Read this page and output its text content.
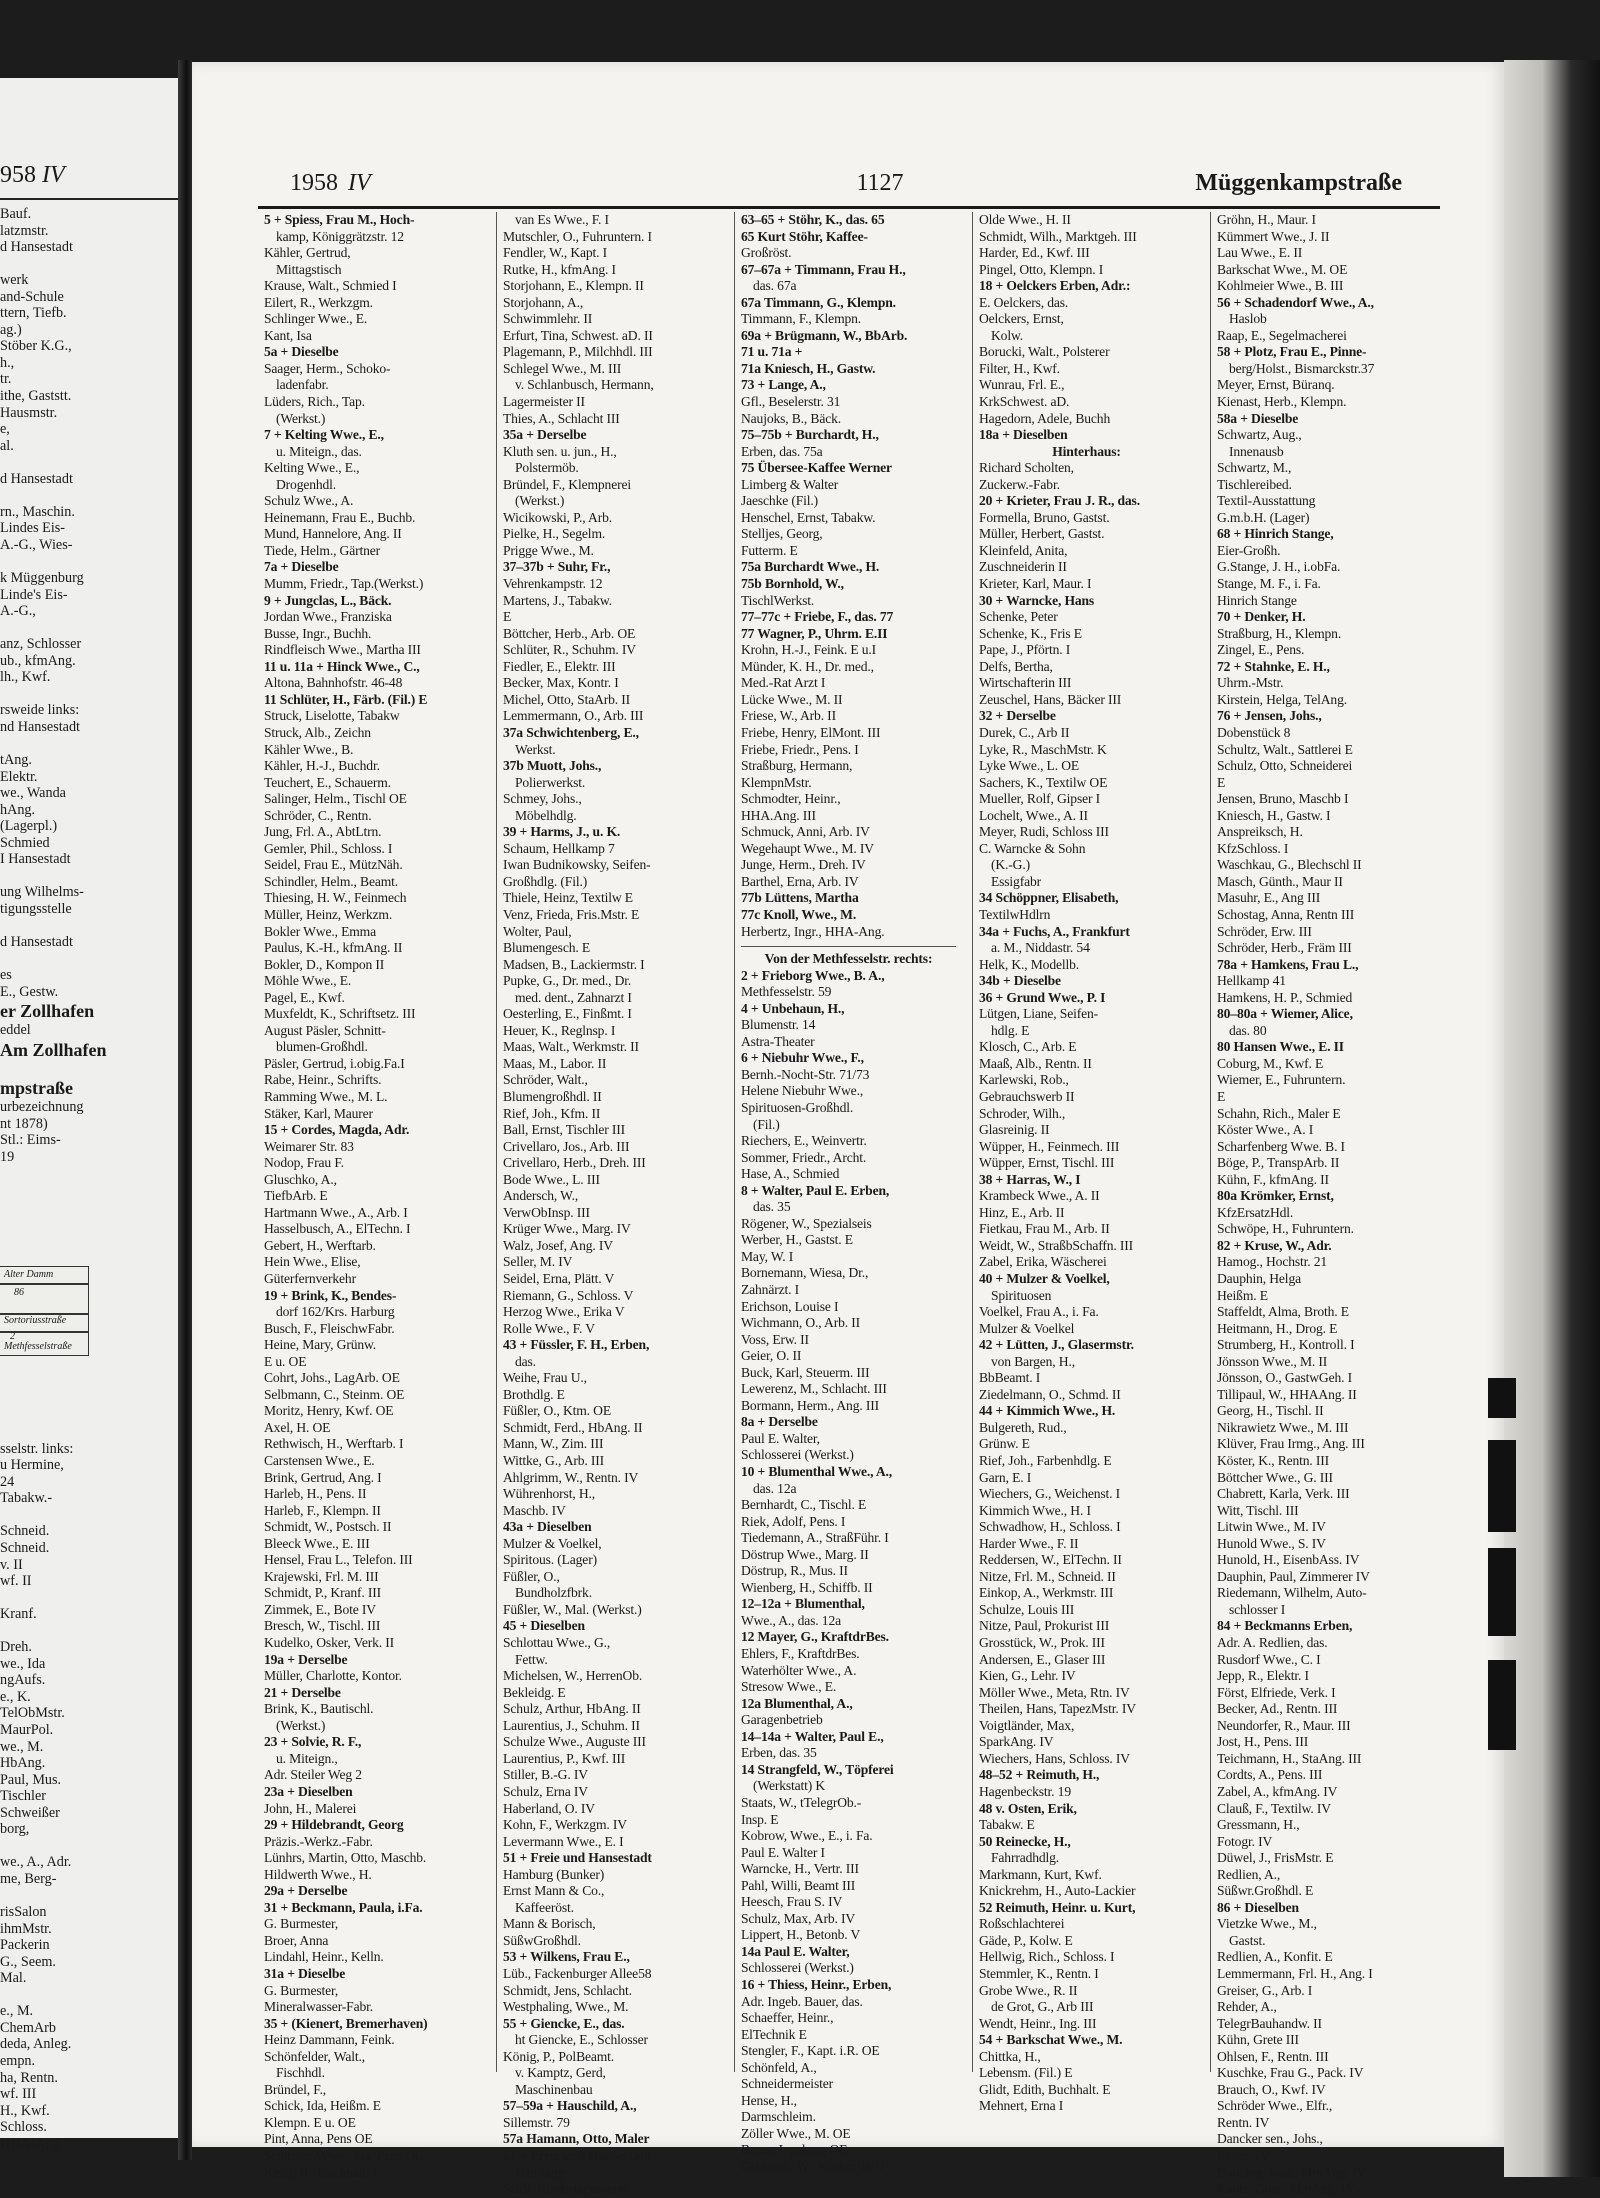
958 IV
Bauf.
latzmstr.
d Hansestadt

werk
and-Schule
ttern, Tiefb.
ag.)
Stöber K.G.,
h.,
tr.
ithe, Gaststt.
Hausmstr.
e,
al.

d Hansestadt

rn., Maschin.
Lindes Eis-
A.-G., Wies-

k Müggenburg
Linde's Eis-
A.-G.,

anz, Schlosser
ub., kfmAng.
lh., Kwf.

rsweide links:
nd Hansestadt

tAng.
Elektr.
we., Wanda
hAng.
(Lagerpl.)
Schmied
I Hansestadt

ung Wilhelms-
tigungsstelle

d Hansestadt

es
E., Gestw.
er Zollhafen
eddel
Am Zollhafen

mpstraße
urbezeichnung
nt 1878)
Stl.: Eims-
19
Alter Damm
86
Sortoriusstraße
2
Methfesselstraße

sselstr. links:
u Hermine,
24
Tabakw.-

Schneid.
Schneid.
v. II
wf. II

Kranf.

Dreh.
we., Ida
ngAufs.
e., K.
TelObMstr.
MaurPol.
we., M.
HbAng.
Paul, Mus.
Tischler
Schweißer
borg,

we., A., Adr.
me, Berg-

risSalon
ihmMstr.
Packerin
G., Seem.
Mal.

e., M.
ChemArb
deda, Anleg.
empn.
ha, Rentn.
wf. III
H., Kwf.
Schloss.
HHA-Ang.
1958 IV	1127	Müggenkampstraße
5 + Spiess, Frau M., Hoch-
kamp, Königgrätzstr. 12
Kähler, Gertrud,
Mittagstisch
Krause, Walt., Schmied I
Eilert, R., Werkzgm.
Schlinger Wwe., E.
Kant, Isa
5a + Dieselbe
Saager, Herm., Schoko-
ladenfabr.
Lüders, Rich., Tap.
(Werkst.)
7 + Kelting Wwe., E.,
u. Miteign., das.
Kelting Wwe., E.,
Drogenhdl.
Schulz Wwe., A.
Heinemann, Frau E., Buchb.
Mund, Hannelore, Ang. II
Tiede, Helm., Gärtner
7a + Dieselbe
Mumm, Friedr., Tap.(Werkst.)
9 + Jungclas, L., Bäck.
Jordan Wwe., Franziska
Busse, Ingr., Buchh.
Rindfleisch Wwe., Martha III
11 u. 11a + Hinck Wwe., C.,
Altona, Bahnhofstr. 46-48
11 Schlüter, H., Färb. (Fil.) E
Struck, Liselotte, Tabakw
Struck, Alb., Zeichn
Kähler Wwe., B.
Kähler, H.-J., Buchdr.
Teuchert, E., Schauerm.
Salinger, Helm., Tischl OE
Schröder, C., Rentn.
Jung, Frl. A., AbtLtrn.
Gemler, Phil., Schloss. I
Seidel, Frau E., MützNäh.
Schindler, Helm., Beamt.
Thiesing, H. W., Feinmech
Müller, Heinz, Werkzm.
Bokler Wwe., Emma
Paulus, K.-H., kfmAng. II
Bokler, D., Kompon II
Möhle Wwe., E.
Pagel, E., Kwf.
Muxfeldt, K., Schriftsetz. III
August Päsler, Schnitt-
blumen-Großhdl.
Päsler, Gertrud, i.obig.Fa.I
Rabe, Heinr., Schrifts.
Ramming Wwe., M. L.
Stäker, Karl, Maurer
15 + Cordes, Magda, Adr.
Weimarer Str. 83
Nodop, Frau F.
Gluschko, A.,
TiefbArb. E
Hartmann Wwe., A., Arb. I
Hasselbusch, A., ElTechn. I
Gebert, H., Werftarb.
Hein Wwe., Elise,
Güterfernverkehr
19 + Brink, K., Bendes-
dorf 162/Krs. Harburg
Busch, F., FleischwFabr.
Heine, Mary, Grünw.
E u. OE
Cohrt, Johs., LagArb. OE
Selbmann, C., Steinm. OE
Moritz, Henry, Kwf. OE
Axel, H. OE
Rethwisch, H., Werftarb. I
Carstensen Wwe., E.
Brink, Gertrud, Ang. I
Harleb, H., Pens. II
Harleb, F., Klempn. II
Schmidt, W., Postsch. II
Bleeck Wwe., E. III
Hensel, Frau L., Telefon. III
Krajewski, Frl. M. III
Schmidt, P., Kranf. III
Zimmek, E., Bote IV
Bresch, W., Tischl. III
Kudelko, Osker, Verk. II
19a + Derselbe
Müller, Charlotte, Kontor.
21 + Derselbe
Brink, K., Bautischl.
(Werkst.)
23 + Solvie, R. F.,
u. Miteign.,
Adr. Steiler Weg 2
23a + Dieselben
John, H., Malerei
29 + Hildebrandt, Georg
Präzis.-Werkz.-Fabr.
Lünhrs, Martin, Otto, Maschb.
Hildwerth Wwe., H.
29a + Derselbe
31 + Beckmann, Paula, i.Fa.
G. Burmester,
Broer, Anna
Lindahl, Heinr., Kelln.
31a + Dieselbe
G. Burmester,
Mineralwasser-Fabr.
35 + (Kienert, Bremerhaven)
Heinz Dammann, Feink.
Schönfelder, Walt.,
Fischhdl.
Bründel, F.,
Schick, Ida, Heißm. E
Klempn. E u. OE
Pint, Anna, Pens OE
Schirmer Wwe., Ida, Pens OE
Kena, H., Buchhalt. I
van Es Wwe., F. I
Mutschler, O., Fuhruntern. I
Fendler, W., Kapt. I
Rutke, H., kfmAng. I
Storjohann, E., Klempn. II
Storjohann, A.,
Schwimmlehr. II
Erfurt, Tina, Schwest. aD. II
Plagemann, P., Milchhdl. III
Schlegel Wwe., M. III
v. Schlanbusch, Hermann,
Lagermeister II
Thies, A., Schlacht III
35a + Derselbe
Kluth sen. u. jun., H.,
Polstermöb.
Bründel, F., Klempnerei
(Werkst.)
Wicikowski, P., Arb.
Pielke, H., Segelm.
Prigge Wwe., M.
37–37b + Suhr, Fr.,
Vehrenkampstr. 12
Martens, J., Tabakw.
E
Böttcher, Herb., Arb. OE
Schlüter, R., Schuhm. IV
Fiedler, E., Elektr. III
Becker, Max, Kontr. I
Michel, Otto, StaArb. II
Lemmermann, O., Arb. III
37a Schwichtenberg, E.,
Werkst.
37b Muott, Johs.,
Polierwerkst.
Schmey, Johs.,
Möbelhdlg.
39 + Harms, J., u. K.
Schaum, Hellkamp 7
Iwan Budnikowsky, Seifen-
Großhdlg. (Fil.)
Thiele, Heinz, Textilw E
Venz, Frieda, Fris.Mstr. E
Wolter, Paul,
Blumengesch. E
Madsen, B., Lackiermstr. I
Pupke, G., Dr. med., Dr.
med. dent., Zahnarzt I
Oesterling, E., Finßmt. I
Heuer, K., Reglnsp. I
Maas, Walt., Werkmstr. II
Maas, M., Labor. II
Schröder, Walt.,
Blumengroßhdl. II
Rief, Joh., Kfm. II
Ball, Ernst, Tischler III
Crivellaro, Jos., Arb. III
Crivellaro, Herb., Dreh. III
Bode Wwe., L. III
Andersch, W.,
VerwObInsp. III
Krüger Wwe., Marg. IV
Walz, Josef, Ang. IV
Seller, M. IV
Seidel, Erna, Plätt. V
Riemann, G., Schloss. V
Herzog Wwe., Erika V
Rolle Wwe., F. V
43 + Füssler, F. H., Erben,
das.
Weihe, Frau U.,
Brothdlg. E
Füßler, O., Ktm. OE
Schmidt, Ferd., HbAng. II
Mann, W., Zim. III
Wittke, G., Arb. III
Ahlgrimm, W., Rentn. IV
Wührenhorst, H.,
Maschb. IV
43a + Dieselben
Mulzer & Voelkel,
Spiritous. (Lager)
Füßler, O.,
Bundholzfbrk.
Füßler, W., Mal. (Werkst.)
45 + Dieselben
Schlottau Wwe., G.,
Fettw.
Michelsen, W., HerrenOb.
Bekleidg. E
Schulz, Arthur, HbAng. II
Laurentius, J., Schuhm. II
Schulze Wwe., Auguste III
Laurentius, P., Kwf. III
Stiller, B.-G. IV
Schulz, Erna IV
Haberland, O. IV
Kohn, F., Werkzgm. IV
Levermann Wwe., E. I
51 + Freie und Hansestadt
Hamburg (Bunker)
Ernst Mann & Co.,
Kaffeeröst.
Mann & Borisch,
SüßwGroßhdl.
53 + Wilkens, Frau E.,
Lüb., Fackenburger Allee58
Schmidt, Jens, Schlacht.
Westphaling, Wwe., M.
55 + Giencke, E., das.
ht Giencke, E., Schlosser
König, P., PolBeamt.
v. Kamptz, Gerd,
Maschinenbau
57–59a + Hauschild, A.,
Sillemstr. 79
57a Hamann, Otto, Maler
61 + Freie und Hansestadt
Hamburg
Städt. Kindertagesheim
63–65 + Stöhr, K., das. 65
65 Kurt Stöhr, Kaffee-
Großröst.
67–67a + Timmann, Frau H.,
das. 67a
67a Timmann, G., Klempn.
Timmann, F., Klempn.
69a + Brügmann, W., BbArb.
71 u. 71a +
71a Kniesch, H., Gastw.
73 + Lange, A.,
Gfl., Beselerstr. 31
Naujoks, B., Bäck.
75–75b + Burchardt, H.,
Erben, das. 75a
75 Übersee-Kaffee Werner
Limberg & Walter
Jaeschke (Fil.)
Henschel, Ernst, Tabakw.
Stelljes, Georg,
Futterm. E
75a Burchardt Wwe., H.
75b Bornhold, W.,
TischlWerkst.
77–77c + Friebe, F., das. 77
77 Wagner, P., Uhrm. E.II
Krohn, H.-J., Feink. E u.I
Münder, K. H., Dr. med.,
Med.-Rat Arzt I
Lücke Wwe., M. II
Friese, W., Arb. II
Friebe, Henry, ElMont. III
Friebe, Friedr., Pens. I
Straßburg, Hermann,
KlempnMstr.
Schmodter, Heinr.,
HHA.Ang. III
Schmuck, Anni, Arb. IV
Wegehaupt Wwe., M. IV
Junge, Herm., Dreh. IV
Barthel, Erna, Arb. IV
77b Lüttens, Martha
77c Knoll, Wwe., M.
Herbertz, Ingr., HHA-Ang.
Von der Methfesselstr. rechts:
2 + Frieborg Wwe., B. A.,
Methfesselstr. 59
4 + Unbehaun, H.,
Blumenstr. 14
Astra-Theater
6 + Niebuhr Wwe., F.,
Bernh.-Nocht-Str. 71/73
Helene Niebuhr Wwe.,
Spirituosen-Großhdl.
(Fil.)
Riechers, E., Weinvertr.
Sommer, Friedr., Archt.
Hase, A., Schmied
8 + Walter, Paul E. Erben,
das. 35
Rögener, W., Spezialseis
Werber, H., Gastst. E
May, W. I
Bornemann, Wiesa, Dr.,
Zahnärzt. I
Erichson, Louise I
Wichmann, O., Arb. II
Voss, Erw. II
Geier, O. II
Buck, Karl, Steuerm. III
Lewerenz, M., Schlacht. III
Bormann, Herm., Ang. III
8a + Derselbe
Paul E. Walter,
Schlosserei (Werkst.)
10 + Blumenthal Wwe., A.,
das. 12a
Bernhardt, C., Tischl. E
Riek, Adolf, Pens. I
Tiedemann, A., StraßFühr. I
Döstrup Wwe., Marg. II
Döstrup, R., Mus. II
Wienberg, H., Schiffb. II
12–12a + Blumenthal,
Wwe., A., das. 12a
12 Mayer, G., KraftdrBes.
Ehlers, F., KraftdrBes.
Waterhölter Wwe., A.
Stresow Wwe., E.
12a Blumenthal, A.,
Garagenbetrieb
14–14a + Walter, Paul E.,
Erben, das. 35
14 Strangfeld, W., Töpferei
(Werkstatt) K
Staats, W., tTelegrOb.-
Insp. E
Kobrow, Wwe., E., i. Fa.
Paul E. Walter I
Warncke, H., Vertr. III
Pahl, Willi, Beamt III
Heesch, Frau S. IV
Schulz, Max, Arb. IV
Lippert, H., Betonb. V
14a Paul E. Walter,
Schlosserei (Werkst.)
16 + Thiess, Heinr., Erben,
Adr. Ingeb. Bauer, das.
Schaeffer, Heinr.,
ElTechnik E
Stengler, F., Kapt. i.R. OE
Schönfeld, A.,
Schneidermeister
Hense, H.,
Darmschleim.
Zöller Wwe., M. OE
Bauer, Ingeborg OE
Gebhardt, W., Werkmstr. II
Olde Wwe., H. II
Schmidt, Wilh., Marktgeh. III
Harder, Ed., Kwf. III
Pingel, Otto, Klempn. I
18 + Oelckers Erben, Adr.:
E. Oelckers, das.
Oelckers, Ernst,
Kolw.
Borucki, Walt., Polsterer
Filter, H., Kwf.
Wunrau, Frl. E.,
KrkSchwest. aD.
Hagedorn, Adele, Buchh
18a + Dieselben
Hinterhaus:
Richard Scholten,
Zuckerw.-Fabr.
20 + Krieter, Frau J. R., das.
Formella, Bruno, Gastst.
Müller, Herbert, Gastst.
Kleinfeld, Anita,
Zuschneiderin II
Krieter, Karl, Maur. I
30 + Warncke, Hans
Schenke, Peter
Schenke, K., Fris E
Pape, J., Pförtn. I
Delfs, Bertha,
Wirtschafterin III
Zeuschel, Hans, Bäcker III
32 + Derselbe
Durek, C., Arb II
Lyke, R., MaschMstr. K
Lyke Wwe., L. OE
Sachers, K., Textilw OE
Mueller, Rolf, Gipser I
Lochelt, Wwe., A. II
Meyer, Rudi, Schloss III
C. Warncke & Sohn
(K.-G.)
Essigfabr
34 Schöppner, Elisabeth,
TextilwHdlrn
34a + Fuchs, A., Frankfurt
a. M., Niddastr. 54
Helk, K., Modellb.
34b + Dieselbe
36 + Grund Wwe., P. I
Lütgen, Liane, Seifen-
hdlg. E
Klosch, C., Arb. E
Maaß, Alb., Rentn. II
Karlewski, Rob.,
Gebrauchswerb II
Schroder, Wilh.,
Glasreinig. II
Wüpper, H., Feinmech. III
Wüpper, Ernst, Tischl. III
38 + Harras, W., I
Krambeck Wwe., A. II
Hinz, E., Arb. II
Fietkau, Frau M., Arb. II
Weidt, W., StraßbSchaffn. III
Zabel, Erika, Wäscherei
40 + Mulzer & Voelkel,
Spirituosen
Voelkel, Frau A., i. Fa.
Mulzer & Voelkel
42 + Lütten, J., Glasermstr.
von Bargen, H.,
BbBeamt. I
Ziedelmann, O., Schmd. II
44 + Kimmich Wwe., H.
Bulgereth, Rud.,
Grünw. E
Rief, Joh., Farbenhdlg. E
Garn, E. I
Wiechers, G., Weichenst. I
Kimmich Wwe., H. I
Schwadhow, H., Schloss. I
Harder Wwe., F. II
Reddersen, W., ElTechn. II
Nitze, Frl. M., Schneid. II
Einkop, A., Werkmstr. III
Schulze, Louis III
Nitze, Paul, Prokurist III
Grosstück, W., Prok. III
Andersen, E., Glaser III
Kien, G., Lehr. IV
Möller Wwe., Meta, Rtn. IV
Theilen, Hans, TapezMstr. IV
Voigtländer, Max,
SparkAng. IV
Wiechers, Hans, Schloss. IV
48–52 + Reimuth, H.,
Hagenbeckstr. 19
48 v. Osten, Erik,
Tabakw. E
50 Reinecke, H.,
Fahrradhdlg.
Markmann, Kurt, Kwf.
Knickrehm, H., Auto-Lackier
52 Reimuth, Heinr. u. Kurt,
Roßschlachterei
Gäde, P., Kolw. E
Hellwig, Rich., Schloss. I
Stemmler, K., Rentn. I
Grobe Wwe., R. II
de Grot, G., Arb III
Wendt, Heinr., Ing. III
54 + Barkschat Wwe., M.
Chittka, H.,
Lebensm. (Fil.) E
Glidt, Edith, Buchhalt. E
Mehnert, Erna I
Gröhn, H., Maur. I
Kümmert Wwe., J. II
Lau Wwe., E. II
Barkschat Wwe., M. OE
Kohlmeier Wwe., B. III
56 + Schadendorf Wwe., A.,
Haslob
Raap, E., Segelmacherei
58 + Plotz, Frau E., Pinne-
berg/Holst., Bismarckstr.37
Meyer, Ernst, Büranq.
Kienast, Herb., Klempn.
58a + Dieselbe
Schwartz, Aug.,
Innenausb
Schwartz, M.,
Tischlereibed.
Textil-Ausstattung
G.m.b.H. (Lager)
68 + Hinrich Stange,
Eier-Großh.
G.Stange, J. H., i.obFa.
Stange, M. F., i. Fa.
Hinrich Stange
70 + Denker, H.
Straßburg, H., Klempn.
Zingel, E., Pens.
72 + Stahnke, E. H.,
Uhrm.-Mstr.
Kirstein, Helga, TelAng.
76 + Jensen, Johs.,
Dobenstück 8
Schultz, Walt., Sattlerei E
Schulz, Otto, Schneiderei
E
Jensen, Bruno, Maschb I
Kniesch, H., Gastw. I
Anspreiksch, H.
KfzSchloss. I
Waschkau, G., Blechschl II
Masch, Günth., Maur II
Masuhr, E., Ang III
Schostag, Anna, Rentn III
Schröder, Erw. III
Schröder, Herb., Främ III
78a + Hamkens, Frau L.,
Hellkamp 41
Hamkens, H. P., Schmied
80–80a + Wiemer, Alice,
das. 80
80 Hansen Wwe., E. II
Coburg, M., Kwf. E
Wiemer, E., Fuhruntern.
E
Schahn, Rich., Maler E
Köster Wwe., A. I
Scharfenberg Wwe. B. I
Böge, P., TranspArb. II
Kühn, F., kfmAng. II
80a Krömker, Ernst,
KfzErsatzHdl.
Schwöpe, H., Fuhruntern.
82 + Kruse, W., Adr.
Hamog., Hochstr. 21
Dauphin, Helga
Heißm. E
Staffeldt, Alma, Broth. E
Heitmann, H., Drog. E
Strumberg, H., Kontroll. I
Jönsson Wwe., M. II
Jönsson, O., GastwGeh. I
Tillipaul, W., HHAAng. II
Georg, H., Tischl. II
Nikrawietz Wwe., M. III
Klüver, Frau Irmg., Ang. III
Köster, K., Rentn. III
Böttcher Wwe., G. III
Chabrett, Karla, Verk. III
Witt, Tischl. III
Litwin Wwe., M. IV
Hunold Wwe., S. IV
Hunold, H., EisenbAss. IV
Dauphin, Paul, Zimmerer IV
Riedemann, Wilhelm, Auto-
schlosser I
84 + Beckmanns Erben,
Adr. A. Redlien, das.
Rusdorf Wwe., C. I
Jepp, R., Elektr. I
Först, Elfriede, Verk. I
Becker, Ad., Rentn. III
Neundorfer, R., Maur. III
Jost, H., Pens. III
Teichmann, H., StaAng. III
Cordts, A., Pens. III
Zabel, A., kfmAng. IV
Clauß, F., Textilw. IV
Gressmann, H.,
Fotogr. IV
Düwel, J., FrisMstr. E
Redlien, A.,
Süßwr.Großhdl. E
86 + Dieselben
Vietzke Wwe., M.,
Gastst.
Redlien, A., Konfit. E
Lemmermann, Frl. H., Ang. I
Greiser, G., Arb. I
Rehder, A.,
TelegrBauhandw. II
Kühn, Grete III
Ohlsen, F., Rentn. III
Kuschke, Frau G., Pack. IV
Brauch, O., Kwf. IV
Schröder Wwe., Elfr.,
Rentn. IV
Dancker sen., Johs.,
Rentn. IV
Dancker, Johs., kfmAng. IV
Kautz, Gust., kfmAng. IV
